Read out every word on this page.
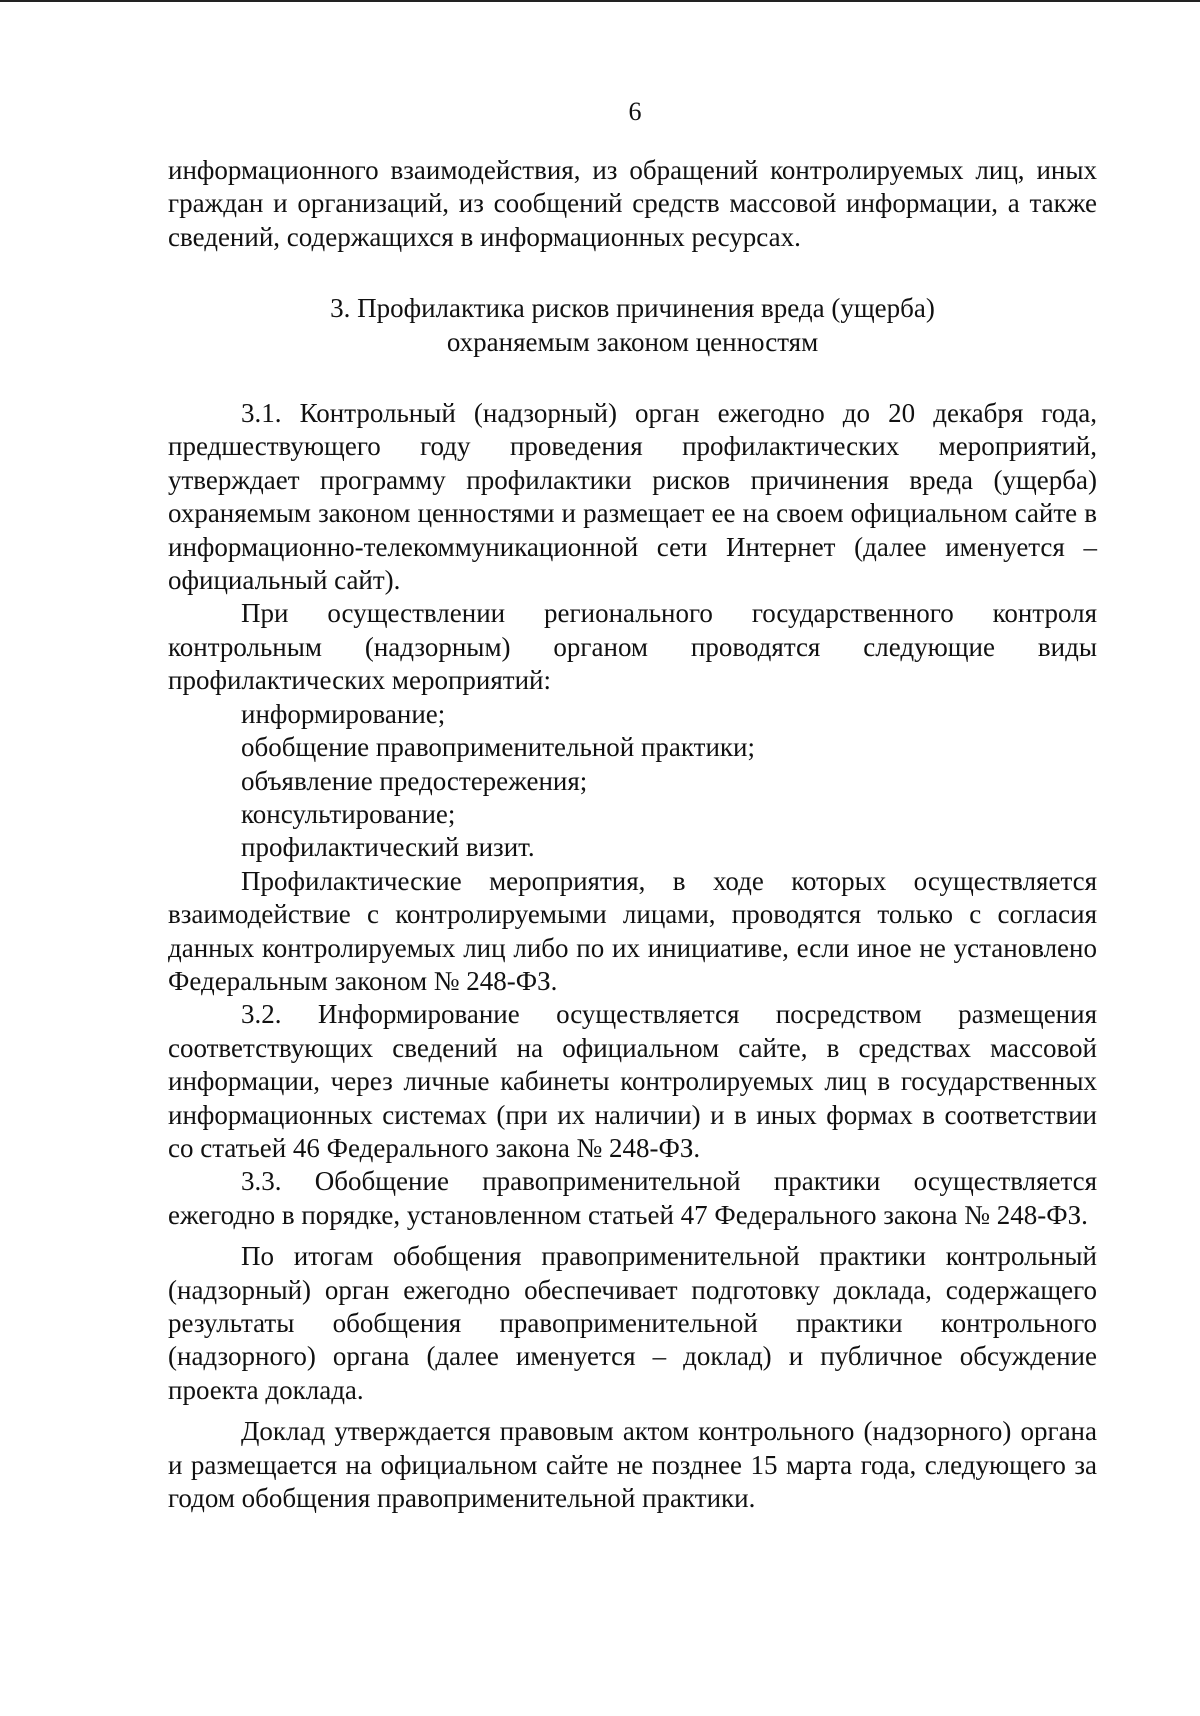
6

информационного взаимодействия, из обращений контролируемых лиц, иных граждан и организаций, из сообщений средств массовой информации, а также сведений, содержащихся в информационных ресурсах.

3. Профилактика рисков причинения вреда (ущерба)

охраняемым законом ценностям

3.1. Контрольный (надзорный) орган ежегодно до 20 декабря года, предшествующего году проведения профилактических мероприятий, утверждает программу профилактики рисков причинения вреда (ущерба) охраняемым законом ценностями и размещает ее на своем официальном сайте в информационно-телекоммуникационной сети Интернет (далее именуется – официальный сайт).

При осуществлении регионального государственного контроля контрольным (надзорным) органом проводятся следующие виды профилактических мероприятий:

информирование;

обобщение правоприменительной практики;

объявление предостережения;

консультирование;

профилактический визит.

Профилактические мероприятия, в ходе которых осуществляется взаимодействие с контролируемыми лицами, проводятся только с согласия данных контролируемых лиц либо по их инициативе, если иное не установлено Федеральным законом № 248-ФЗ.

3.2. Информирование осуществляется посредством размещения соответствующих сведений на официальном сайте, в средствах массовой информации, через личные кабинеты контролируемых лиц в государственных информационных системах (при их наличии) и в иных формах в соответствии со статьей 46 Федерального закона № 248-ФЗ.

3.3. Обобщение правоприменительной практики осуществляется ежегодно в порядке, установленном статьей 47 Федерального закона № 248-ФЗ.

По итогам обобщения правоприменительной практики контрольный (надзорный) орган ежегодно обеспечивает подготовку доклада, содержащего результаты обобщения правоприменительной практики контрольного (надзорного) органа (далее именуется – доклад) и публичное обсуждение проекта доклада.

Доклад утверждается правовым актом контрольного (надзорного) органа и размещается на официальном сайте не позднее 15 марта года, следующего за годом обобщения правоприменительной практики.
